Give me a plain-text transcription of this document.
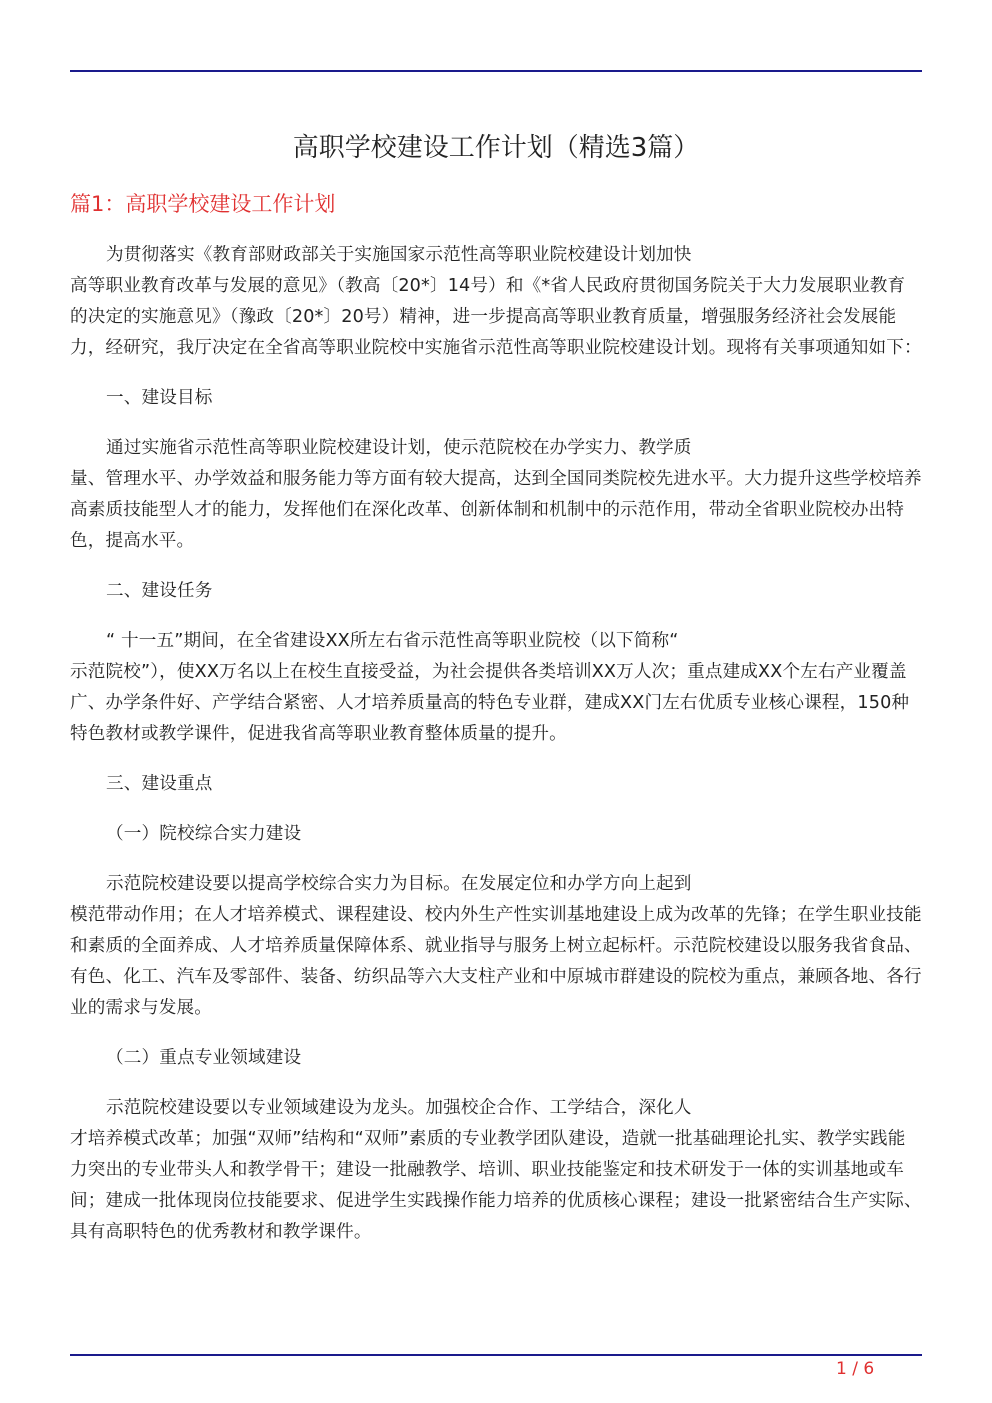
高职学校建设工作计划（精选3篇）
篇1：高职学校建设工作计划

为贯彻落实《教育部财政部关于实施国家示范性高等职业院校建设计划加快
高等职业教育改革与发展的意见》（教高〔20*〕14号）和《*省人民政府贯彻国务院关于大力发展职业教育的决定的实施意见》（豫政〔20*〕20号）精神，进一步提高高等职业教育质量，增强服务经济社会发展能力，经研究，我厅决定在全省高等职业院校中实施省示范性高等职业院校建设计划。现将有关事项通知如下：

一、建设目标

通过实施省示范性高等职业院校建设计划，使示范院校在办学实力、教学质
量、管理水平、办学效益和服务能力等方面有较大提高，达到全国同类院校先进水平。大力提升这些学校培养高素质技能型人才的能力，发挥他们在深化改革、创新体制和机制中的示范作用，带动全省职业院校办出特色，提高水平。

二、建设任务

“ 十一五”期间，在全省建设XX所左右省示范性高等职业院校（以下简称“
示范院校”），使XX万名以上在校生直接受益，为社会提供各类培训XX万人次；重点建成XX个左右产业覆盖广、办学条件好、产学结合紧密、人才培养质量高的特色专业群，建成XX门左右优质专业核心课程，150种特色教材或教学课件，促进我省高等职业教育整体质量的提升。

三、建设重点

（一）院校综合实力建设

示范院校建设要以提高学校综合实力为目标。在发展定位和办学方向上起到
模范带动作用；在人才培养模式、课程建设、校内外生产性实训基地建设上成为改革的先锋；在学生职业技能和素质的全面养成、人才培养质量保障体系、就业指导与服务上树立起标杆。示范院校建设以服务我省食品、有色、化工、汽车及零部件、装备、纺织品等六大支柱产业和中原城市群建设的院校为重点，兼顾各地、各行业的需求与发展。

（二）重点专业领域建设

示范院校建设要以专业领域建设为龙头。加强校企合作、工学结合，深化人
才培养模式改革；加强“双师”结构和“双师”素质的专业教学团队建设，造就一批基础理论扎实、教学实践能力突出的专业带头人和教学骨干；建设一批融教学、培训、职业技能鉴定和技术研发于一体的实训基地或车间；建成一批体现岗位技能要求、促进学生实践操作能力培养的优质核心课程；建设一批紧密结合生产实际、具有高职特色的优秀教材和教学课件。

1 / 6
